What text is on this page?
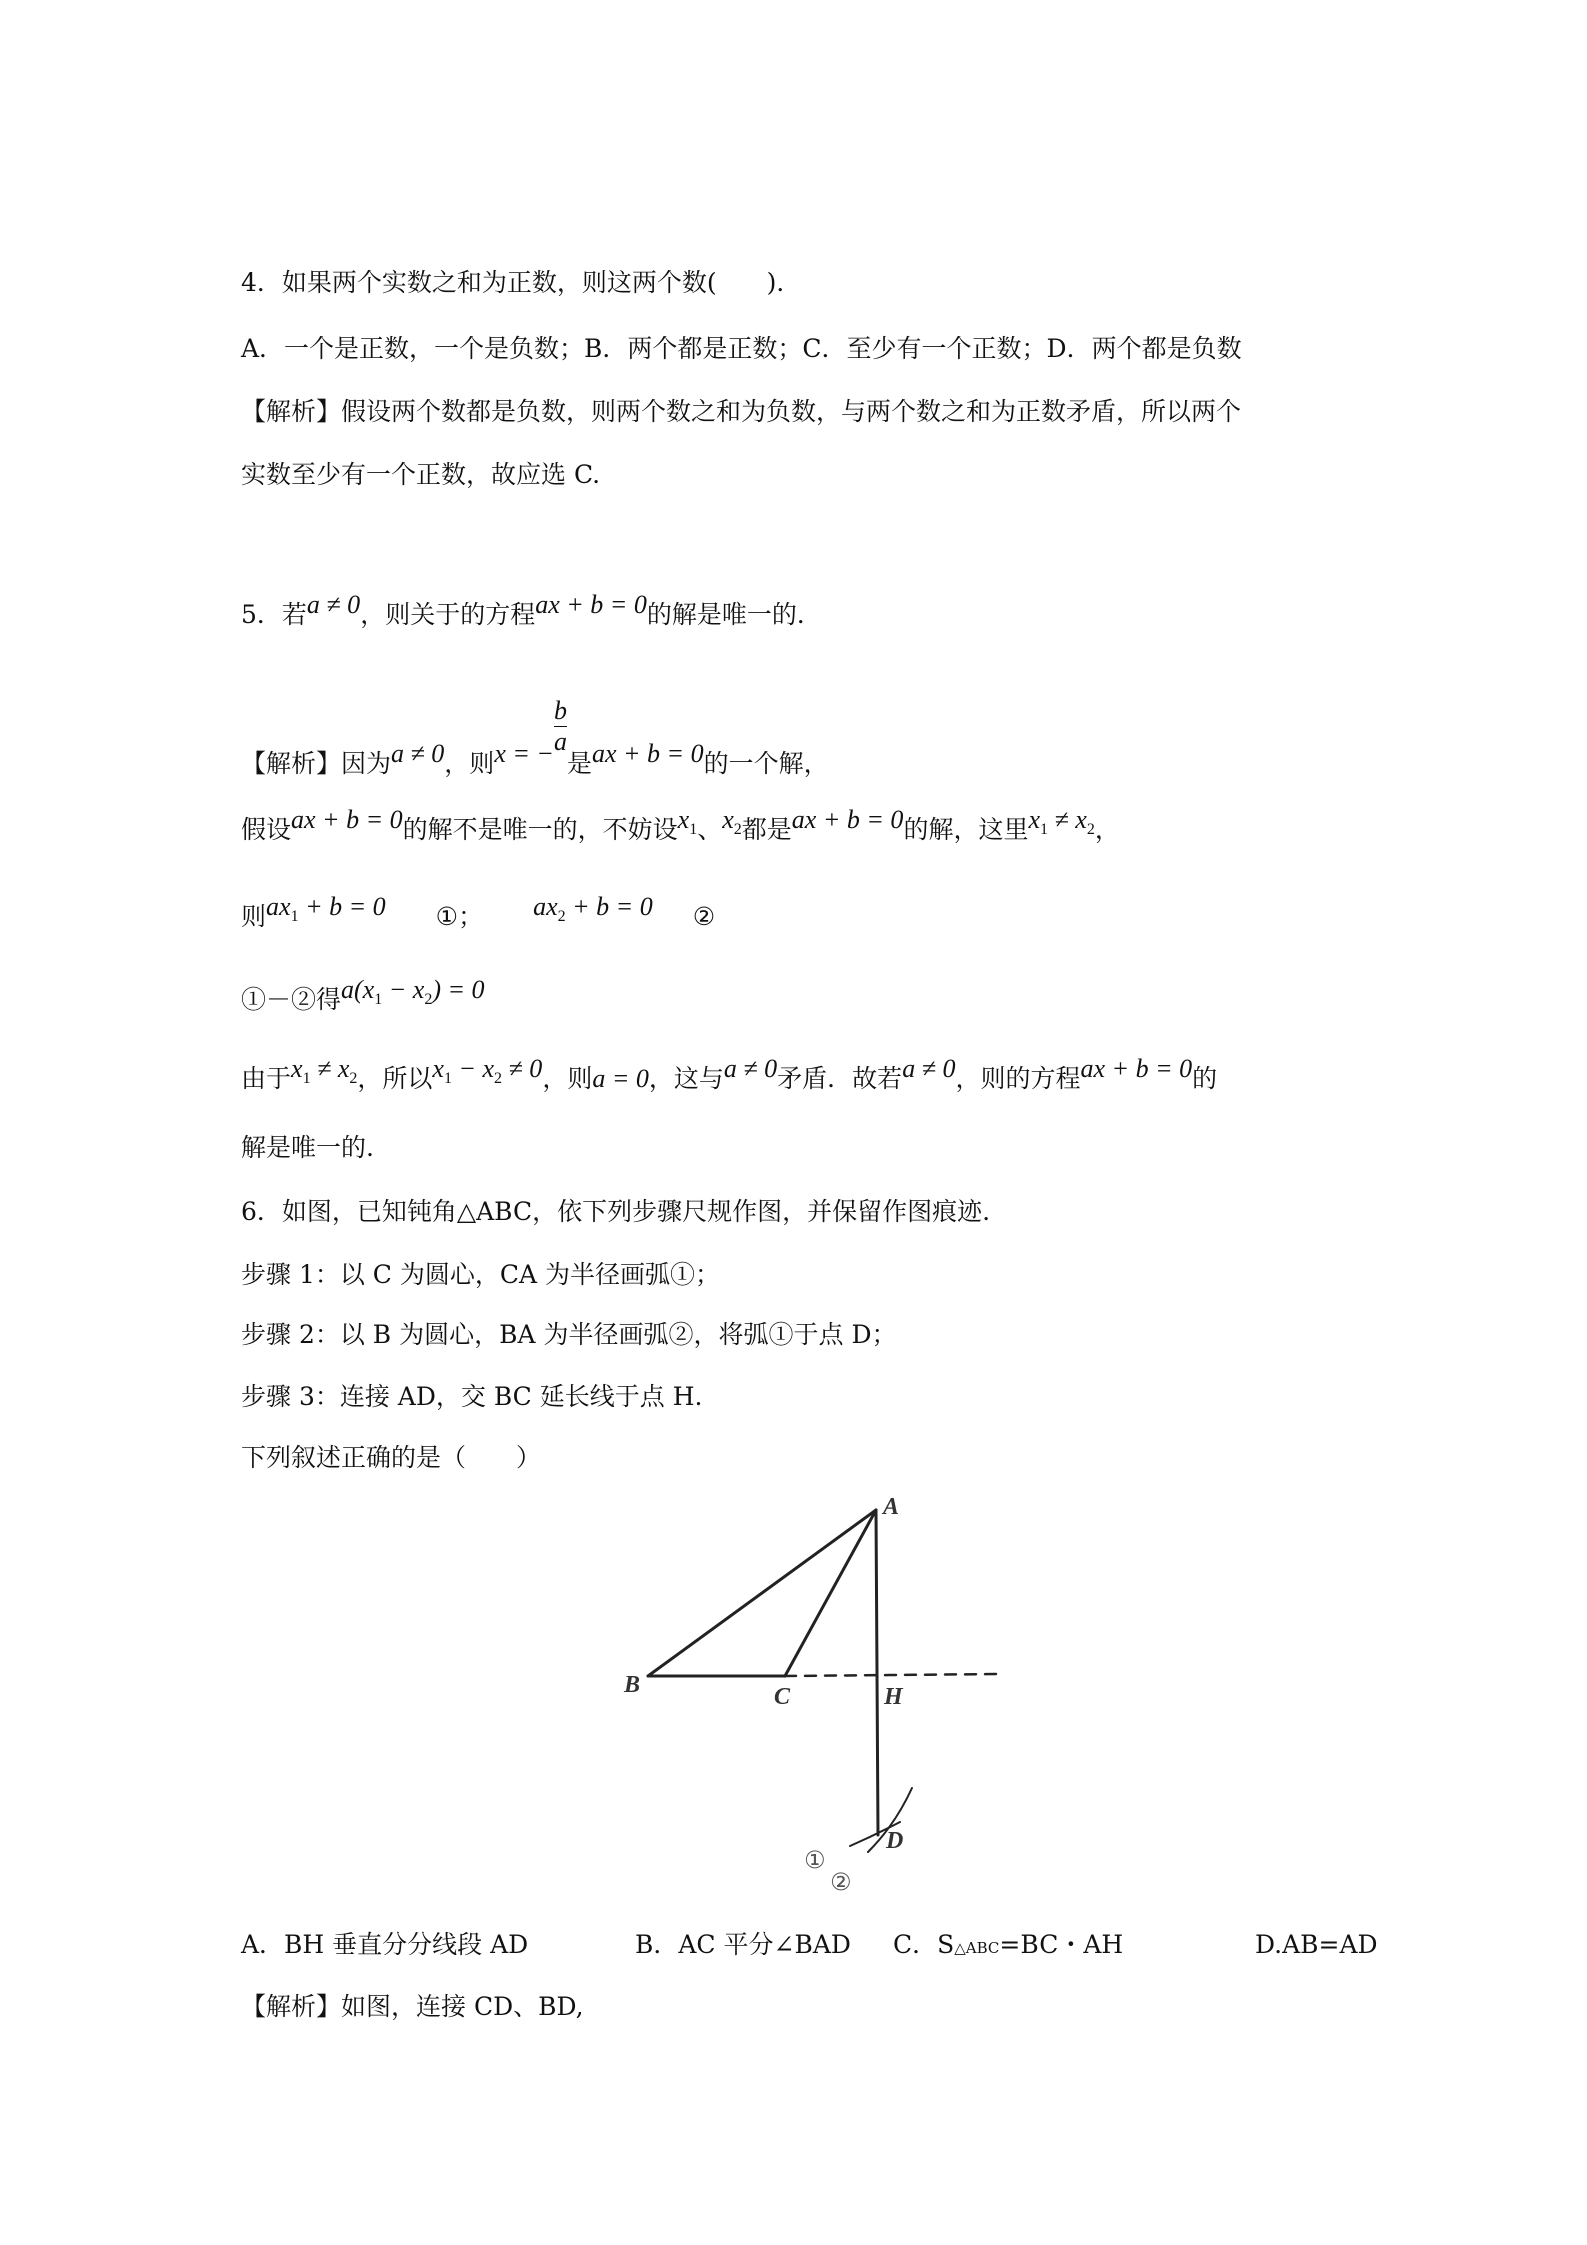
4．如果两个实数之和为正数，则这两个数(　　)．
A．一个是正数，一个是负数；B．两个都是正数；C．至少有一个正数；D．两个都是负数
【解析】假设两个数都是负数，则两个数之和为负数，与两个数之和为正数矛盾，所以两个
实数至少有一个正数，故应选 C.
5．若a ≠ 0，则关于的方程ax + b = 0的解是唯一的．
【解析】因为a ≠ 0，则x = − $\frac{b}{a}$
是ax + b = 0的一个解，
假设ax + b = 0的解不是唯一的，不妨设$x_1$、$x_2$都是ax + b = 0的解，这里$x_1 \ne x_2$，
则$ax_1 + b = 0$ ①； $ax_2 + b = 0$ ②
①－②得$a(x_1 - x_2) = 0$
由于$x_1 \ne x_2$，所以$x_1 - x_2 \ne 0$，则a = 0，这与a ≠ 0矛盾．故若a ≠ 0，则的方程ax + b = 0的
解是唯一的.
6．如图，已知钝角△ABC，依下列步骤尺规作图，并保留作图痕迹.
步骤 1：以 C 为圆心，CA 为半径画弧①；
步骤 2：以 B 为圆心，BA 为半径画弧②，将弧①于点 D；
步骤 3：连接 AD，交 BC 延长线于点 H.
下列叙述正确的是（　　）
A
B	C	H
D
①
②
A．BH 垂直分分线段 AD	B．AC 平分∠BAD C．S△ABC=BC・AH	D.AB=AD
【解析】如图，连接 CD、BD,
